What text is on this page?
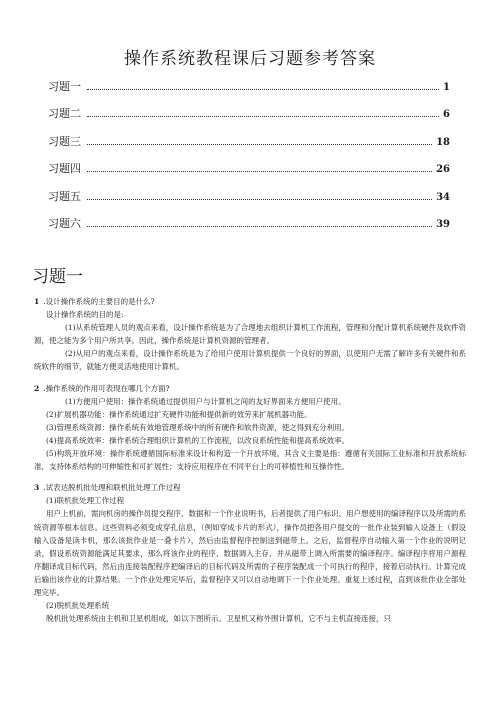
操作系统教程课后习题参考答案
习题一	1
习题二	6
习题三	18
习题四	26
习题五	34
习题六	39
习题一

1 .设计操作系统的主要目的是什么?

设计操作系统的目的是:

(1)从系统管理人员的观点来看，设计操作系统是为了合理地去组织计算机工作流程，管理和分配计算机系统硬件及软件资源，使之能为多个用户所共享。因此，操作系统是计算机资源的管理者。

(2)从用户的观点来看，设计操作系统是为了给用户使用计算机提供一个良好的界面，以使用户无需了解许多有关硬件和系统软件的细节，就能方便灵活地使用计算机。

2 .操作系统的作用可表现在哪几个方面?

(1)方便用户使用：操作系统通过提供用户与计算机之间的友好界面来方便用户使用。

(2)扩展机器功能：操作系统通过扩充硬件功能和提供新的效劳来扩展机器功能。

(3)管理系统资源：操作系统有效地管理系统中的所有硬件和软件资源，使之得到充分利用。

(4)提高系统效率：操作系统合理组织计算机的工作流程，以改良系统性能和提高系统效率。

(5)构筑开放环境：操作系统遵循国际标准来设计和构造一个开放环境。其含义主要是指：遵循有关国际工业标准和开放系统标准，支持体系结构的可伸缩性和可扩展性；支持应用程序在不同平台上的可移植性和互操作性。

3 .试表达脱机批处理和联机批处理工作过程

(1)联机批处理工作过程

用户上机前，需向机房的操作员提交程序、数据和一个作业说明书，后者提供了用户标识、用户想使用的编译程序以及所需的系统资源等根本信息。这些资料必须变成穿孔信息，（例如穿成卡片的形式），操作员把各用户提交的一批作业装到输入设备上（假设输入设备是读卡机，那么该批作业是一叠卡片），然后由监督程序控制送到磁带上。之后，监督程序自动输入第一个作业的说明记录，假设系统资源能满足其要求，那么将该作业的程序、数据调入主存，并从磁带上调入所需要的编译程序。编译程序将用户源程序翻译成目标代码，然后由连接装配程序把编译后的目标代码及所需的子程序装配成一个可执行的程序，接着启动执行。计算完成后输出该作业的计算结果。一个作业处理完毕后，监督程序又可以自动地调下一个作业处理。重复上述过程，直到该批作业全部处理完毕。

(2)脱机批处理系统

脱机批处理系统由主机和卫星机组成，如以下图所示。卫星机又称外围计算机，它不与主机直接连接，只
